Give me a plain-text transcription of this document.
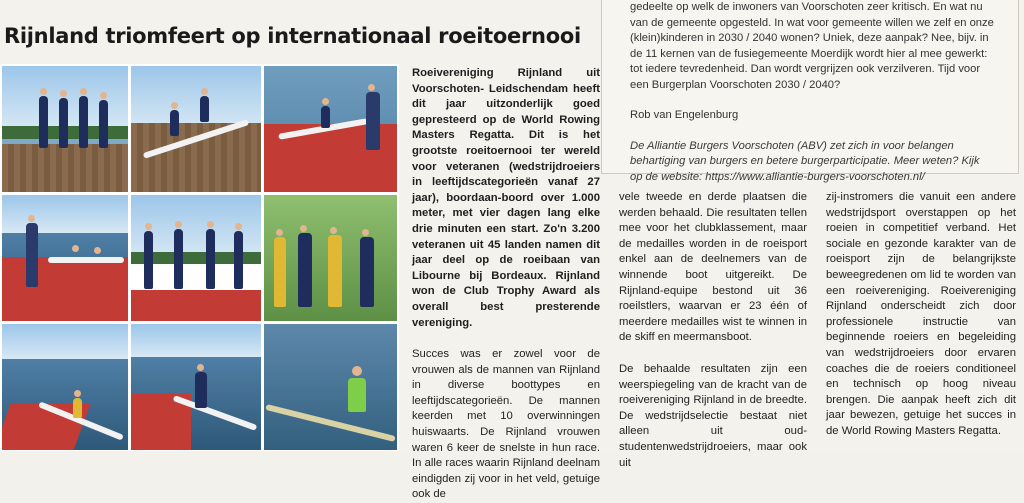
gedeelte op welk de inwoners van Voorschoten zeer kritisch. En wat nu

van de gemeente opgesteld. In wat voor gemeente willen we zelf en onze

(klein)kinderen in 2030 / 2040 wonen? Uniek, deze aanpak? Nee, bijv. in

de 11 kernen van de fusiegemeente Moerdijk wordt hier al mee gewerkt:

tot iedere tevredenheid. Dan wordt vergrijzen ook verzilveren. Tijd voor

een Burgerplan Voorschoten 2030 / 2040?

Rob van Engelenburg

De Alliantie Burgers Voorschoten (ABV) zet zich in voor belangen

behartiging van burgers en betere burgerparticipatie. Meer weten? Kijk

op de website: https://www.alliantie-burgers-voorschoten.nl/

Rijnland triomfeert op internationaal roeitoernooi

Roeivereniging Rijnland uit Voorschoten- Leidschendam heeft dit jaar uitzonderlijk goed gepresteerd op de World Rowing Masters Regatta. Dit is het grootste roeitoernooi ter wereld voor veteranen (wedstrijdroeiers in leeftijdscategorieën vanaf 27 jaar), boordaan-boord over 1.000 meter, met vier dagen lang elke drie minuten een start. Zo'n 3.200 veteranen uit 45 landen namen dit jaar deel op de roeibaan van Libourne bij Bordeaux. Rijnland won de Club Trophy Award als overall best presterende vereniging.

Succes was er zowel voor de vrouwen als de mannen van Rijnland in diverse boottypes en leeftijdscategorieën. De mannen keerden met 10 overwinningen huiswaarts. De Rijnland vrouwen waren 6 keer de snelste in hun race. In alle races waarin Rijnland deelnam eindigden zij voor in het veld, getuige ook de

vele tweede en derde plaatsen die werden behaald. Die resultaten tellen mee voor het clubklassement, maar de medailles worden in de roeisport enkel aan de deelnemers van de winnende boot uitgereikt. De Rijnland-equipe bestond uit 36 roeilstlers, waarvan er 23 één of meerdere medailles wist te winnen in de skiff en meermansboot.

De behaalde resultaten zijn een weerspiegeling van de kracht van de roeivereniging Rijnland in de breedte. De wedstrijdselectie bestaat niet alleen uit oud-studentenwedstrijdroeiers, maar ook uit

zij-instromers die vanuit een andere wedstrijdsport overstappen op het roeien in competitief verband. Het sociale en gezonde karakter van de roeisport zijn de belangrijkste beweegredenen om lid te worden van een roeivereniging. Roeivereniging Rijnland onderscheidt zich door professionele instructie van beginnende roeiers en begeleiding van wedstrijdroeiers door ervaren coaches die de roeiers conditioneel en technisch op hoog niveau brengen. Die aanpak heeft zich dit jaar bewezen, getuige het succes in de World Rowing Masters Regatta.
